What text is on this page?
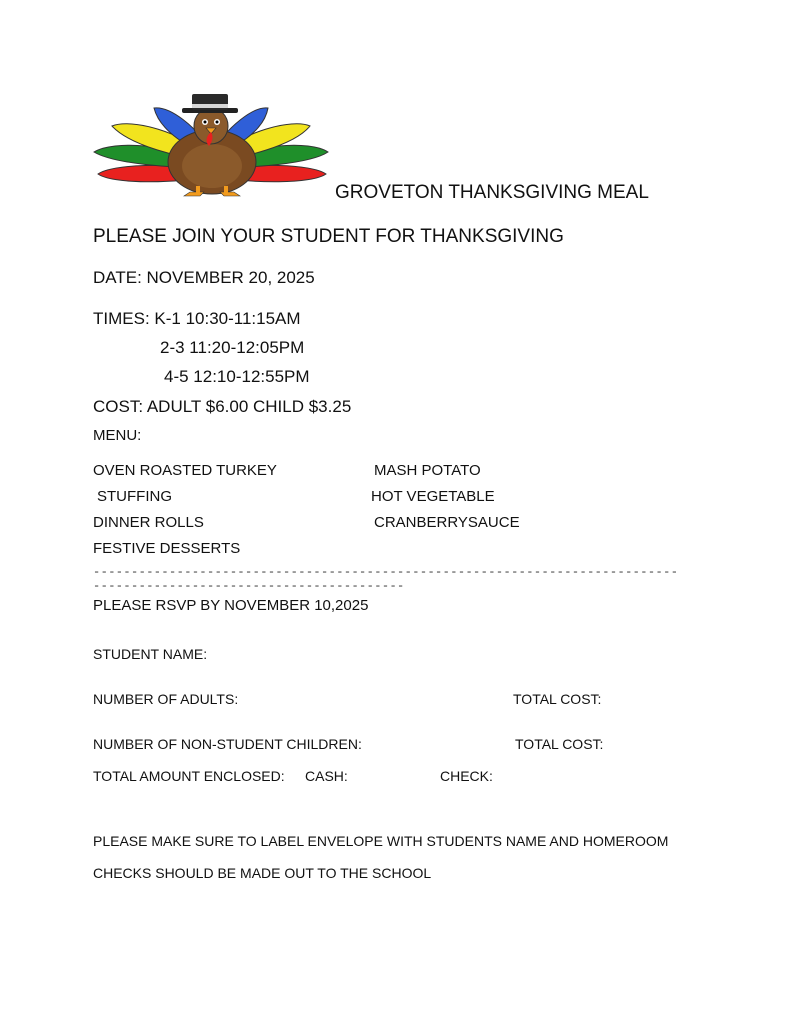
GROVETON THANKSGIVING MEAL
PLEASE JOIN YOUR STUDENT FOR THANKSGIVING
DATE: NOVEMBER 20, 2025
TIMES: K-1 10:30-11:15AM
2-3 11:20-12:05PM
4-5 12:10-12:55PM
COST: ADULT $6.00 CHILD $3.25
MENU:
OVEN ROASTED TURKEY	MASH POTATO
STUFFING	HOT VEGETABLE
DINNER ROLLS	CRANBERRYSAUCE
FESTIVE DESSERTS
----------------------------------------------------------------------------------------------------------------------
PLEASE RSVP BY NOVEMBER 10,2025
STUDENT NAME:
NUMBER OF ADULTS:	TOTAL COST:
NUMBER OF NON-STUDENT CHILDREN:	TOTAL COST:
TOTAL AMOUNT ENCLOSED: CASH:	CHECK:
PLEASE MAKE SURE TO LABEL ENVELOPE WITH STUDENTS NAME AND HOMEROOM
CHECKS SHOULD BE MADE OUT TO THE SCHOOL
